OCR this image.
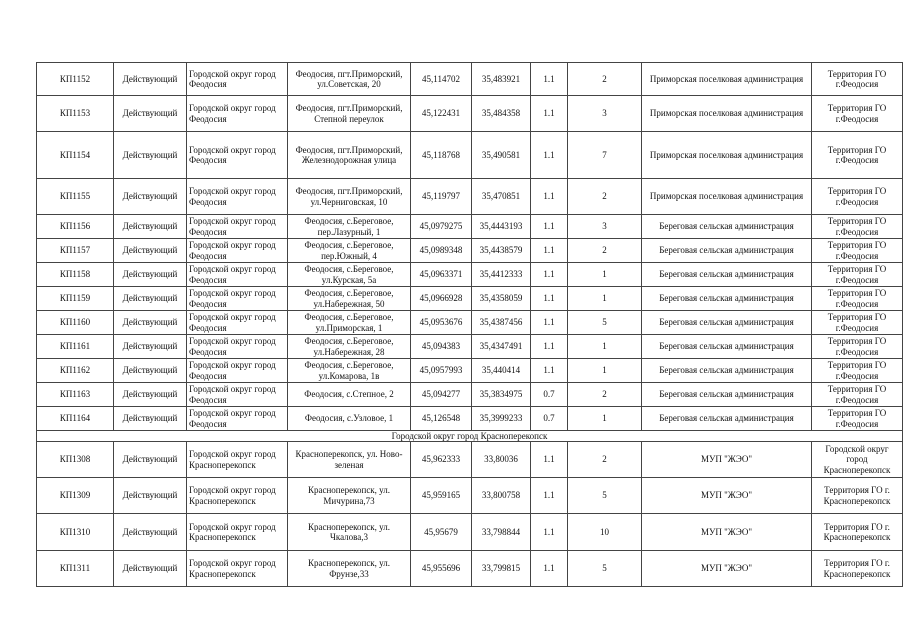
КП1152	Действующий	Городской округ город Феодосия	Феодосия, пгт.Приморский, ул.Советская, 20	45,114702	35,483921	1.1	2	Приморская поселковая администрация	Территория ГО г.Феодосия
КП1153	Действующий	Городской округ город Феодосия	Феодосия, пгт.Приморский, Степной переулок	45,122431	35,484358	1.1	3	Приморская поселковая администрация	Территория ГО г.Феодосия
КП1154	Действующий	Городской округ город Феодосия	Феодосия, пгт.Приморский, Железнодорожная улица	45,118768	35,490581	1.1	7	Приморская поселковая администрация	Территория ГО г.Феодосия
КП1155	Действующий	Городской округ город Феодосия	Феодосия, пгт.Приморский, ул.Черниговская, 10	45,119797	35,470851	1.1	2	Приморская поселковая администрация	Территория ГО г.Феодосия
КП1156	Действующий	Городской округ город Феодосия	Феодосия, с.Береговое, пер.Лазурный, 1	45,0979275	35,4443193	1.1	3	Береговая сельская администрация	Территория ГО г.Феодосия
КП1157	Действующий	Городской округ город Феодосия	Феодосия, с.Береговое, пер.Южный, 4	45,0989348	35,4438579	1.1	2	Береговая сельская администрация	Территория ГО г.Феодосия
КП1158	Действующий	Городской округ город Феодосия	Феодосия, с.Береговое, ул.Курская, 5а	45,0963371	35,4412333	1.1	1	Береговая сельская администрация	Территория ГО г.Феодосия
КП1159	Действующий	Городской округ город Феодосия	Феодосия, с.Береговое, ул.Набережная, 50	45,0966928	35,4358059	1.1	1	Береговая сельская администрация	Территория ГО г.Феодосия
КП1160	Действующий	Городской округ город Феодосия	Феодосия, с.Береговое, ул.Приморская, 1	45,0953676	35,4387456	1.1	5	Береговая сельская администрация	Территория ГО г.Феодосия
КП1161	Действующий	Городской округ город Феодосия	Феодосия, с.Береговое, ул.Набережная, 28	45,094383	35,4347491	1.1	1	Береговая сельская администрация	Территория ГО г.Феодосия
КП1162	Действующий	Городской округ город Феодосия	Феодосия, с.Береговое, ул.Комарова, 1в	45,0957993	35,440414	1.1	1	Береговая сельская администрация	Территория ГО г.Феодосия
КП1163	Действующий	Городской округ город Феодосия	Феодосия, с.Степное, 2	45,094277	35,3834975	0.7	2	Береговая сельская администрация	Территория ГО г.Феодосия
КП1164	Действующий	Городской округ город Феодосия	Феодосия, с.Узловое, 1	45,126548	35,3999233	0.7	1	Береговая сельская администрация	Территория ГО г.Феодосия
Городской округ город Красноперекопск									
КП1308	Действующий	Городской округ город Красноперекопск	Красноперекопск, ул. Ново-зеленая	45,962333	33,80036	1.1	2	МУП "ЖЭО"	Городской округ город Красноперекопск
КП1309	Действующий	Городской округ город Красноперекопск	Красноперекопск, ул. Мичурина,73	45,959165	33,800758	1.1	5	МУП "ЖЭО"	Территория ГО г. Красноперекопск
КП1310	Действующий	Городской округ город Красноперекопск	Красноперекопск, ул. Чкалова,3	45,95679	33,798844	1.1	10	МУП "ЖЭО"	Территория ГО г. Красноперекопск
КП1311	Действующий	Городской округ город Красноперекопск	Красноперекопск, ул. Фрунзе,33	45,955696	33,799815	1.1	5	МУП "ЖЭО"	Территория ГО г. Красноперекопск
